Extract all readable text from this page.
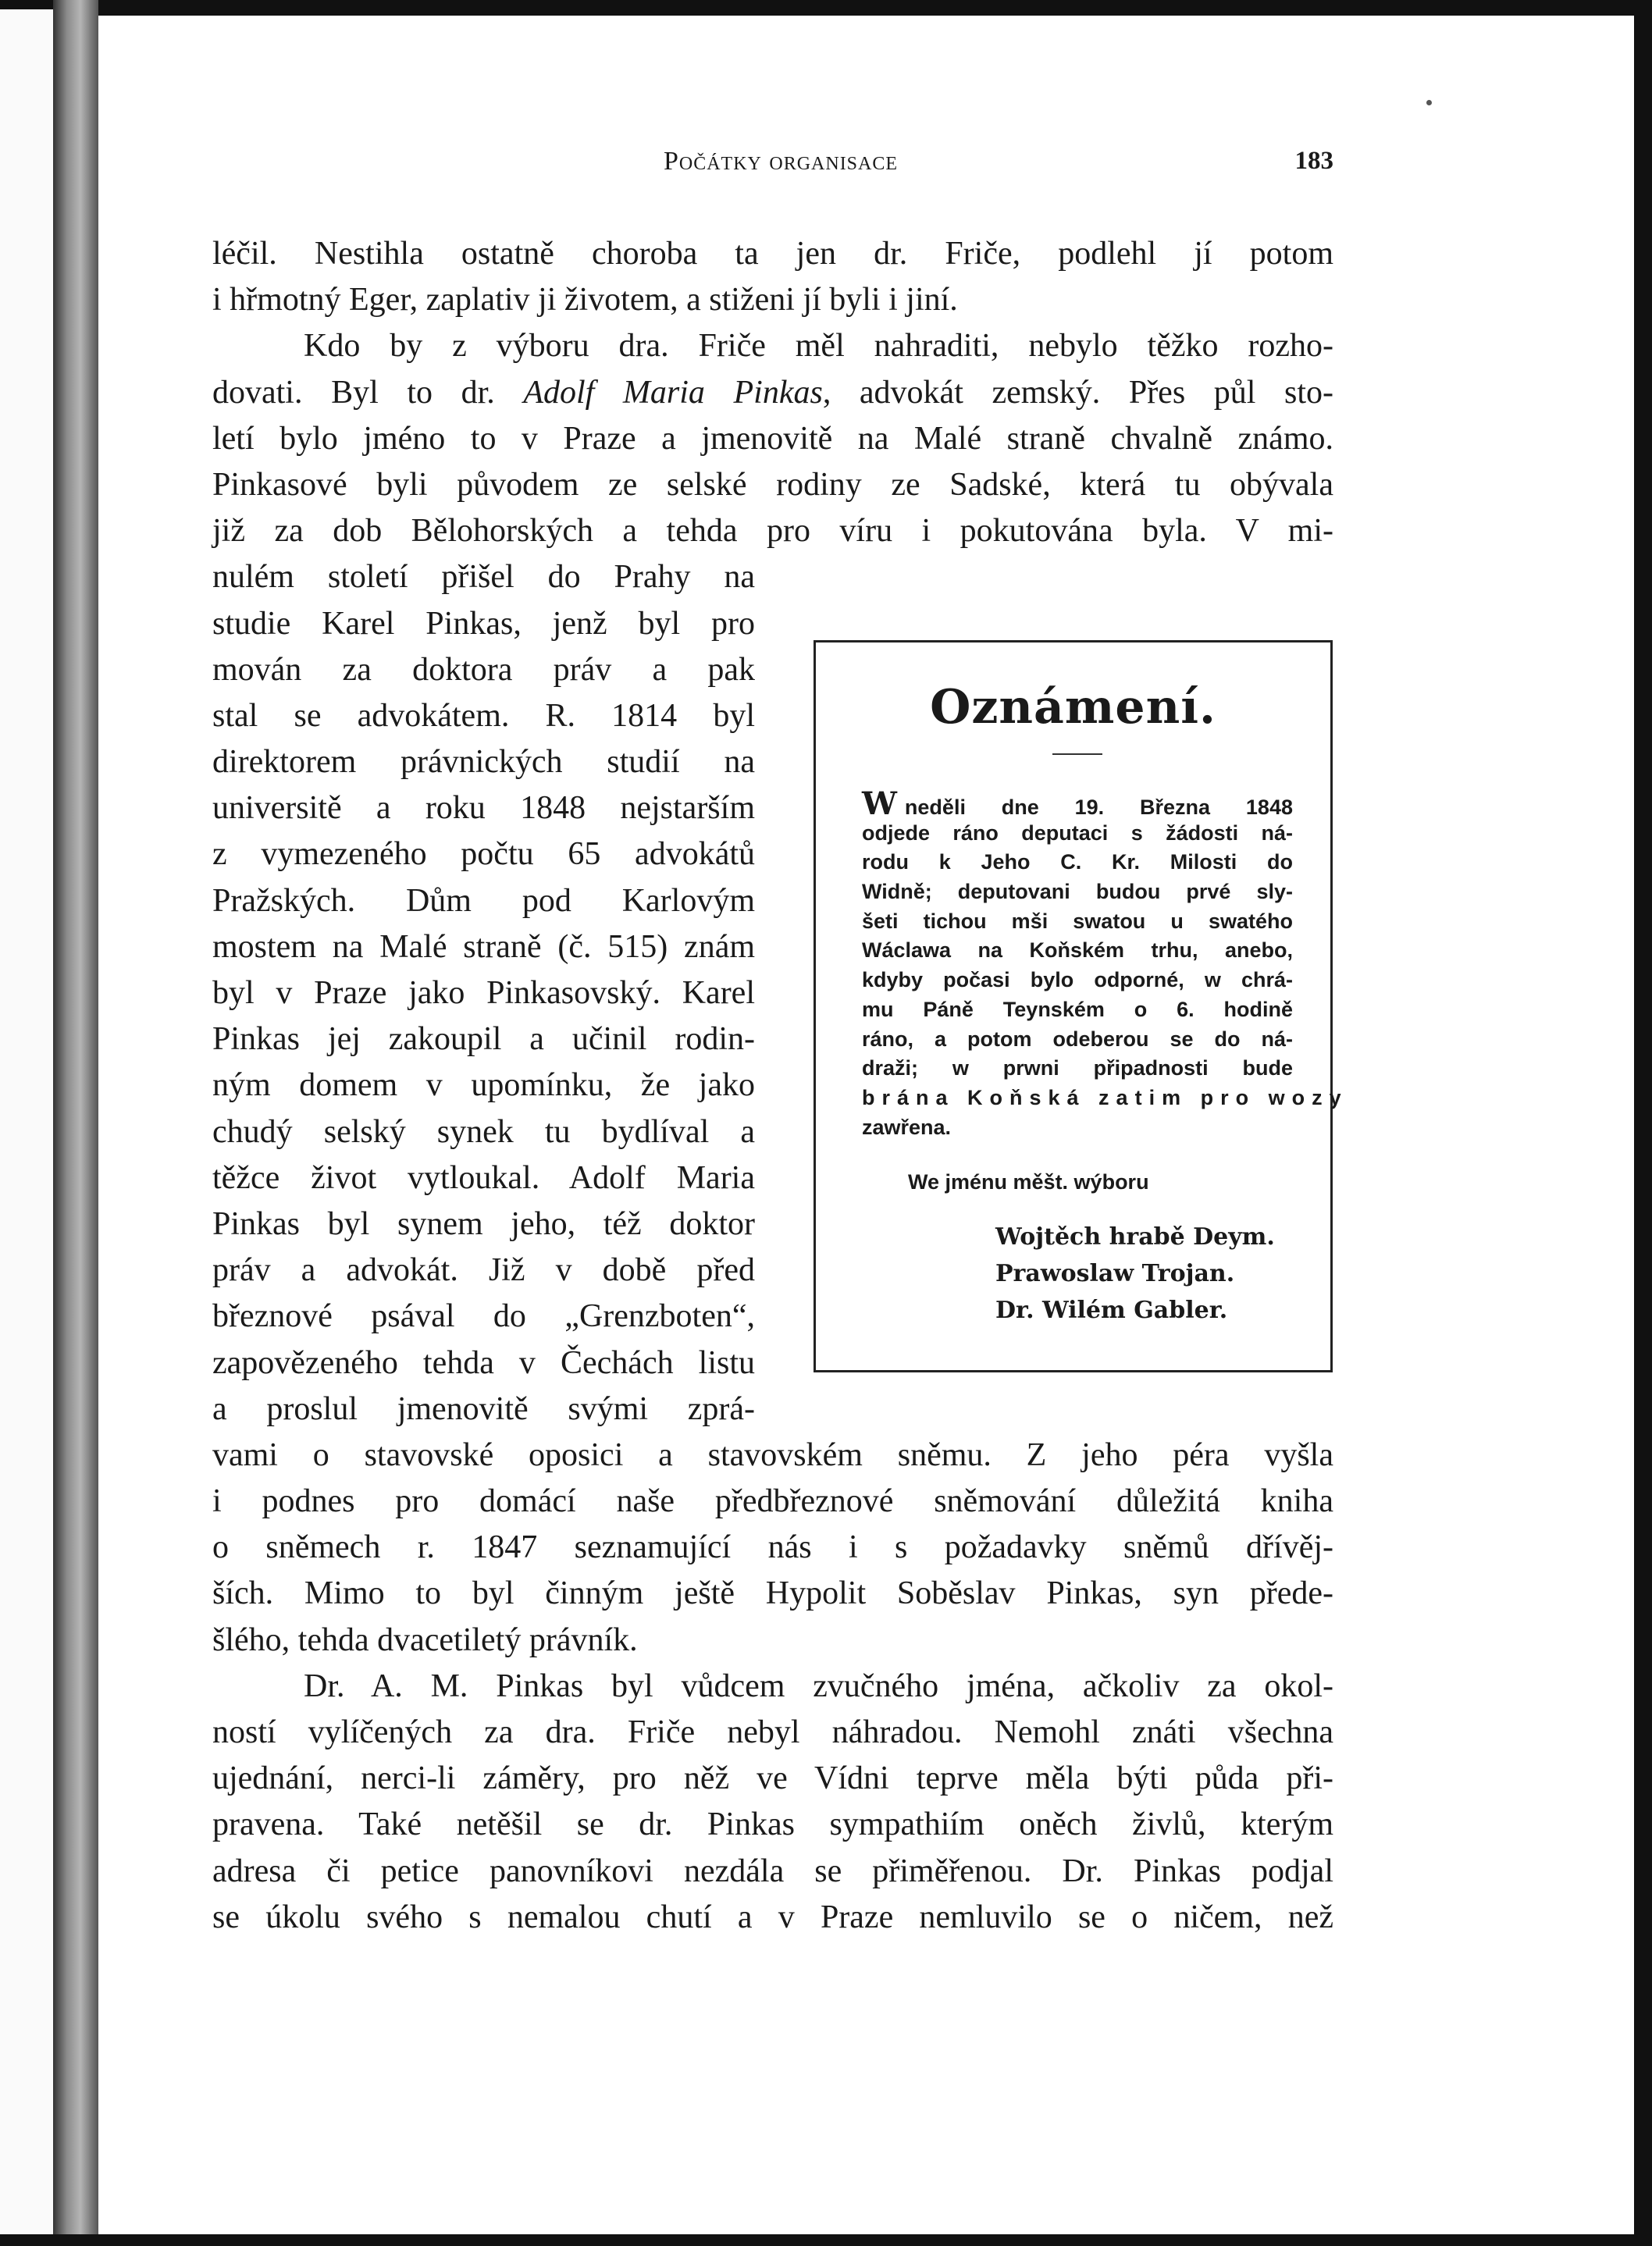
Počátky organisace	183
léčil. Nestihla ostatně choroba ta jen dr. Friče, podlehl jí potom
i hřmotný Eger, zaplativ ji životem, a stiženi jí byli i jiní.
Kdo by z výboru dra. Friče měl nahraditi, nebylo těžko rozho-
dovati. Byl to dr. Adolf Maria Pinkas, advokát zemský. Přes půl sto-
letí bylo jméno to v Praze a jmenovitě na Malé straně chvalně známo.
Pinkasové byli původem ze selské rodiny ze Sadské, která tu obývala
již za dob Bělohorských a tehda pro víru i pokutována byla. V mi-
nulém století přišel do Prahy na
studie Karel Pinkas, jenž byl pro
mován za doktora práv a pak
stal se advokátem. R. 1814 byl
direktorem právnických studií na
universitě a roku 1848 nejstarším
z vymezeného počtu 65 advokátů
Pražských. Dům pod Karlovým
mostem na Malé straně (č. 515) znám
byl v Praze jako Pinkasovský. Karel
Pinkas jej zakoupil a učinil rodin-
ným domem v upomínku, že jako
chudý selský synek tu bydlíval a
těžce život vytloukal. Adolf Maria
Pinkas byl synem jeho, též doktor
práv a advokát. Již v době před
březnové psával do „Grenzboten“,
zapovězeného tehda v Čechách listu
a proslul jmenovitě svými zprá-
vami o stavovské oposici a stavovském sněmu. Z jeho péra vyšla
i podnes pro domácí naše předbřeznové sněmování důležitá kniha
o sněmech r. 1847 seznamující nás i s požadavky sněmů dřívěj-
ších. Mimo to byl činným ještě Hypolit Soběslav Pinkas, syn přede-
šlého, tehda dvacetiletý právník.
Dr. A. M. Pinkas byl vůdcem zvučného jména, ačkoliv za okol-
ností vylíčených za dra. Friče nebyl náhradou. Nemohl znáti všechna
ujednání, nerci-li záměry, pro něž ve Vídni teprve měla býti půda při-
pravena. Také netěšil se dr. Pinkas sympathiím oněch živlů, kterým
adresa či petice panovníkovi nezdála se přiměřenou. Dr. Pinkas podjal
se úkolu svého s nemalou chutí a v Praze nemluvilo se o ničem, než
Oznámení.
W neděli dne 19. Března 1848
odjede ráno deputaci s žádosti ná-
rodu k Jeho C. Kr. Milosti do
Widně; deputovani budou prvé sly-
šeti tichou mši swatou u swatého
Wáclawa na Koňském trhu, anebo,
kdyby počasi bylo odporné, w chrá-
mu Páně Teynském o 6. hodině
ráno, a potom odeberou se do ná-
draži; w prwni připadnosti bude
brána Koňská zatim pro wozy
zawřena.
We jménu měšt. wýboru
Wojtěch hrabě Deym.
Prawoslaw Trojan.
Dr. Wilém Gabler.
